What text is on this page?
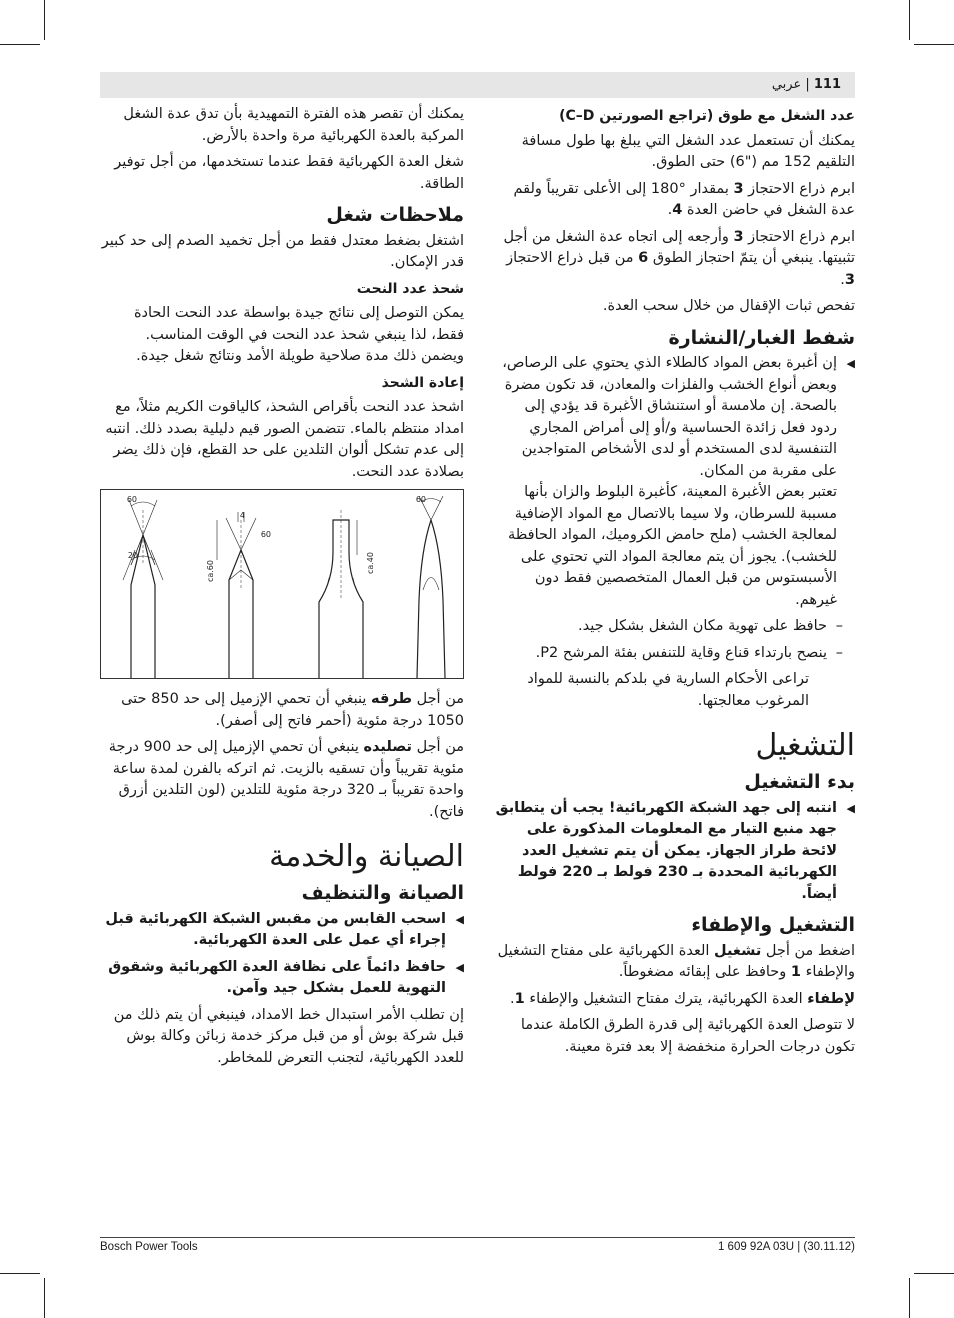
111 | عربي
عدد الشغل مع طوق (تراجع الصورتين C–D)

يمكنك أن تستعمل عدد الشغل التي يبلغ بها طول مسافة التلقيم 152 مم ("6) حتى الطوق.

ابرم ذراع الاحتجاز 3 بمقدار °180 إلى الأعلى تقريباً ولقم عدة الشغل في حاضن العدة 4.

ابرم ذراع الاحتجاز 3 وأرجعه إلى اتجاه عدة الشغل من أجل تثبيتها. ينبغي أن يتمّ احتجاز الطوق 6 من قبل ذراع الاحتجاز 3.

تفحص ثبات الإقفال من خلال سحب العدة.

شفط الغبار/النشارة
◀
إن أغبرة بعض المواد كالطلاء الذي يحتوي على الرصاص، وبعض أنواع الخشب والفلزات والمعادن، قد تكون مضرة بالصحة. إن ملامسة أو استنشاق الأغبرة قد يؤدي إلى ردود فعل زائدة الحساسية و/أو إلى أمراض المجاري التنفسية لدى المستخدم أو لدى الأشخاص المتواجدين على مقربة من المكان.
تعتبر بعض الأغبرة المعينة، كأغبرة البلوط والزان بأنها مسببة للسرطان، ولا سيما بالاتصال مع المواد الإضافية لمعالجة الخشب (ملح حامض الكروميك، المواد الحافظة للخشب). يجوز أن يتم معالجة المواد التي تحتوي على الأسبستوس من قبل العمال المتخصصين فقط دون غيرهم.
–
حافظ على تهوية مكان الشغل بشكل جيد.
–
ينصح بارتداء قناع وقاية للتنفس بفئة المرشح P2.

تراعى الأحكام السارية في بلدكم بالنسبة للمواد المرغوب معالجتها.

التشغيل
بدء التشغيل
◀
انتبه إلى جهد الشبكة الكهربائية! يجب أن يتطابق جهد منبع التيار مع المعلومات المذكورة على لائحة طراز الجهاز. يمكن أن يتم تشغيل العدد الكهربائية المحددة بـ 230 فولط بـ 220 فولط أيضاً.
التشغيل والإطفاء

اضغط من أجل تشغيل العدة الكهربائية على مفتاح التشغيل والإطفاء 1 وحافظ على إبقائه مضغوطاً.

لإطفاء العدة الكهربائية، يترك مفتاح التشغيل والإطفاء 1.

لا تتوصل العدة الكهربائية إلى قدرة الطرق الكاملة عندما تكون درجات الحرارة منخفضة إلا بعد فترة معينة.

يمكنك أن تقصر هذه الفترة التمهيدية بأن تدق عدة الشغل المركبة بالعدة الكهربائية مرة واحدة بالأرض.

شغل العدة الكهربائية فقط عندما تستخدمها، من أجل توفير الطاقة.

ملاحظات شغل

اشتغل بضغط معتدل فقط من أجل تخميد الصدم إلى حد كبير قدر الإمكان.

شحذ عدد النحت

يمكن التوصل إلى نتائج جيدة بواسطة عدد النحت الحادة فقط، لذا ينبغي شحذ عدد النحت في الوقت المناسب. ويضمن ذلك مدة صلاحية طويلة الأمد ونتائج شغل جيدة.

إعادة الشحذ

اشحذ عدد النحت بأقراص الشحذ، كالياقوت الكريم مثلاً، مع امداد منتظم بالماء. تتضمن الصور قيم دليلية بصدد ذلك. انتبه إلى عدم تشكل ألوان التلدين على حد القطع، فإن ذلك يضر بصلادة عدد النحت.

60
20
4
60
ca.60	ca.40
60

من أجل طرقه ينبغي أن تحمي الإزميل إلى حد 850 حتى 1050 درجة مئوية (أحمر فاتح إلى أصفر).

من أجل تصليده ينبغي أن تحمي الإزميل إلى حد 900 درجة مئوية تقريباً وأن تسقيه بالزيت. ثم اتركه بالفرن لمدة ساعة واحدة تقريباً بـ 320 درجة مئوية للتلدين (لون التلدين أزرق فاتح).

الصيانة والخدمة
الصيانة والتنظيف
◀
اسحب القابس من مقبس الشبكة الكهربائية قبل إجراء أي عمل على العدة الكهربائية.
◀
حافظ دائماً على نظافة العدة الكهربائية وشقوق التهوية للعمل بشكل جيد وآمن.

إن تطلب الأمر استبدال خط الامداد، فينبغي أن يتم ذلك من قبل شركة بوش أو من قبل مركز خدمة زبائن وكالة بوش للعدد الكهربائية، لتجنب التعرض للمخاطر.

Bosch Power Tools	1 609 92A 03U | (30.11.12)
